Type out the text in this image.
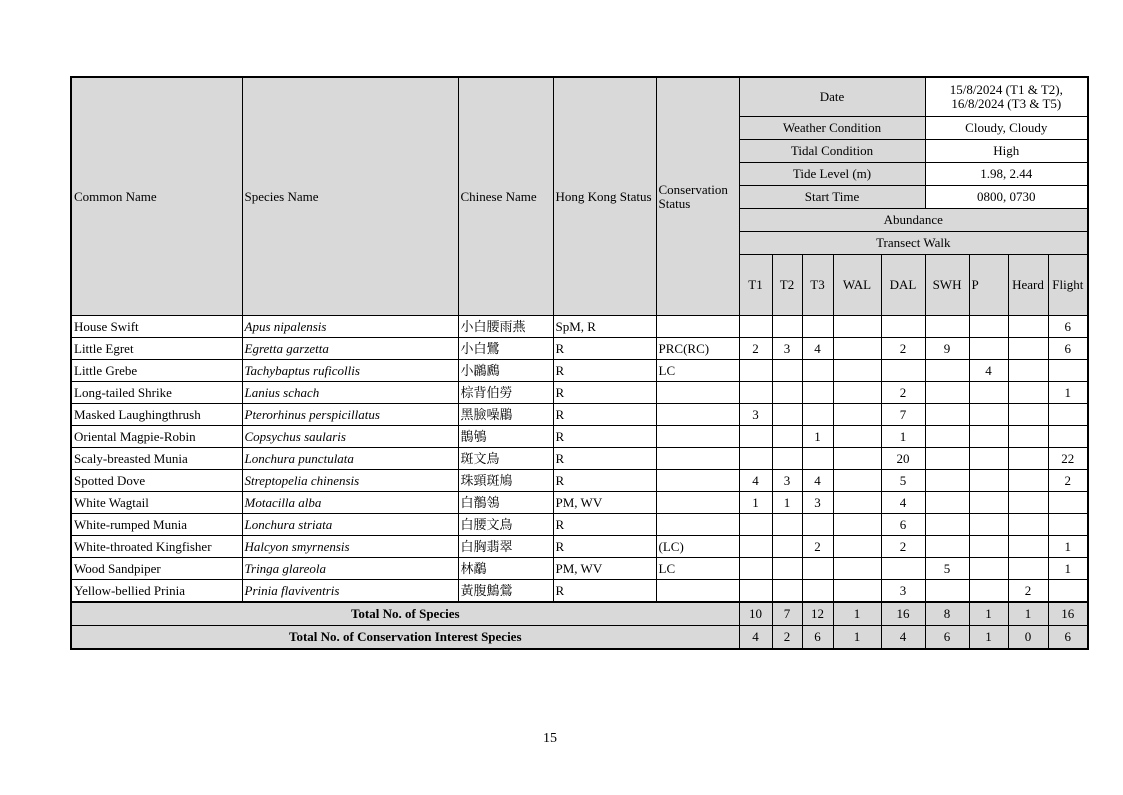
Common Name	Species Name	Chinese Name	Hong Kong Status	Conservation Status	Date					15/8/2024 (T1 & T2), 16/8/2024 (T3 & T5)			
					Weather Condition					Cloudy, Cloudy			
					Tidal Condition					High			
					Tide Level (m)					1.98, 2.44			
					Start Time					0800, 0730			
					Abundance								
					Transect Walk								
					T1	T2	T3	WAL	DAL	SWH	P	Heard	Flight
House Swift	Apus nipalensis	小白腰雨燕	SpM, R										6
Little Egret	Egretta garzetta	小白鷺	R	PRC(RC)	2	3	4		2	9			6
Little Grebe	Tachybaptus ruficollis	小鸊鷉	R	LC							4		
Long-tailed Shrike	Lanius schach	棕背伯勞	R						2				1
Masked Laughingthrush	Pterorhinus perspicillatus	黑臉噪鶥	R		3				7				
Oriental Magpie-Robin	Copsychus saularis	鵲鴝	R				1		1				
Scaly-breasted Munia	Lonchura punctulata	斑文鳥	R						20				22
Spotted Dove	Streptopelia chinensis	珠頸斑鳩	R		4	3	4		5				2
White Wagtail	Motacilla alba	白鶺鴒	PM, WV		1	1	3		4				
White-rumped Munia	Lonchura striata	白腰文鳥	R						6				
White-throated Kingfisher	Halcyon smyrnensis	白胸翡翠	R	(LC)			2		2				1
Wood Sandpiper	Tringa glareola	林鷸	PM, WV	LC						5			1
Yellow-bellied Prinia	Prinia flaviventris	黃腹鷦鶯	R						3			2	
Total No. of Species					10	7	12	1	16	8	1	1	16
Total No. of Conservation Interest Species					4	2	6	1	4	6	1	0	6
15
